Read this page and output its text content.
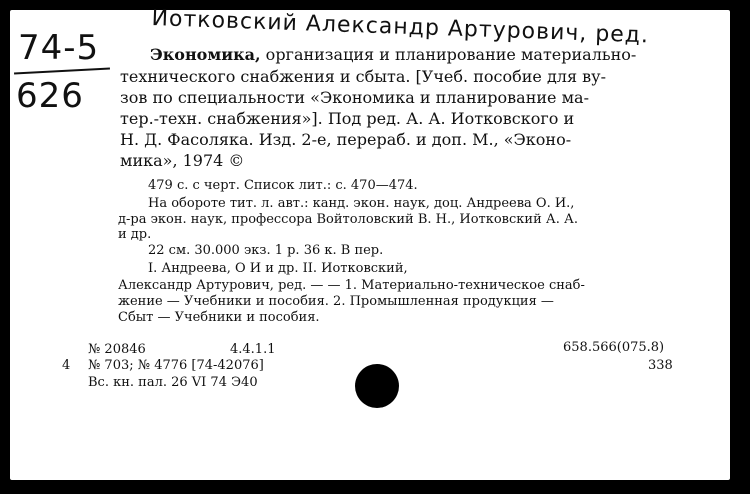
74-5
626
Иотковский Александр Артурович, ред.
Экономика, организация и планирование материально-
технического снабжения и сбыта. [Учеб. пособие для ву-
зов по специальности «Экономика и планирование ма-
тер.-техн. снабжения»]. Под ред. А. А. Иотковского и
Н. Д. Фасоляка. Изд. 2-е, перераб. и доп. М., «Эконо-
мика», 1974 ©
479 с. с черт. Список лит.: с. 470—474.
На обороте тит. л. авт.: канд. экон. наук, доц. Андреева О. И.,
д-ра экон. наук, профессора Войтоловский В. Н., Иотковский А. А.
и др.
22 см. 30.000 экз. 1 р. 36 к. В пер.
I. Андреева, О И и др. II. Иотковский,
Александр Артурович, ред. — — 1. Материально-техническое снаб-
жение — Учебники и пособия. 2. Промышленная продукция —
Сбыт — Учебники и пособия.
№ 20846	4.4.1.1	658.566(075.8)
4 № 703; № 4776 [74-42076]	338
Вс. кн. пал. 26 VI 74 Э40
